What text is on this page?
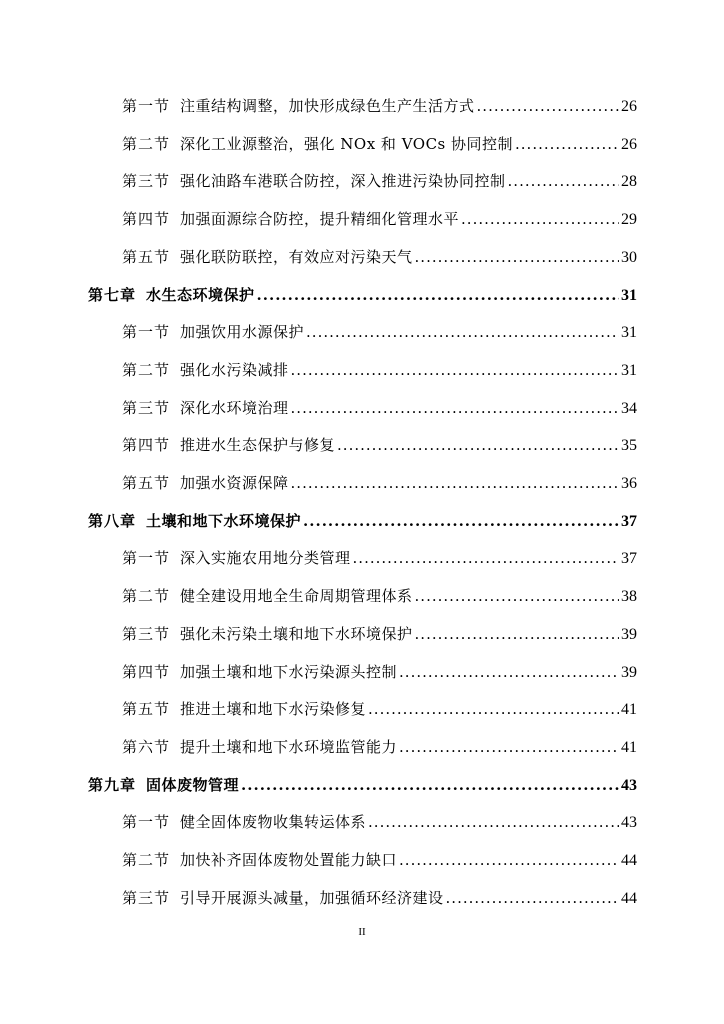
第一节 注重结构调整，加快形成绿色生产生活方式 .....	26
第二节 深化工业源整治，强化 NOx 和 VOCs 协同控制 .....	26
第三节 强化油路车港联合防控，深入推进污染协同控制 .....	28
第四节 加强面源综合防控，提升精细化管理水平 .....	29
第五节 强化联防联控，有效应对污染天气 .....	30
第七章 水生态环境保护 .....	31
第一节 加强饮用水源保护 .....	31
第二节 强化水污染减排 .....	31
第三节 深化水环境治理 .....	34
第四节 推进水生态保护与修复 .....	35
第五节 加强水资源保障 .....	36
第八章 土壤和地下水环境保护 .....	37
第一节 深入实施农用地分类管理 .....	37
第二节 健全建设用地全生命周期管理体系 .....	38
第三节 强化未污染土壤和地下水环境保护 .....	39
第四节 加强土壤和地下水污染源头控制 .....	39
第五节 推进土壤和地下水污染修复 .....	41
第六节 提升土壤和地下水环境监管能力 .....	41
第九章 固体废物管理 .....	43
第一节 健全固体废物收集转运体系 .....	43
第二节 加快补齐固体废物处置能力缺口 .....	44
第三节 引导开展源头减量，加强循环经济建设 .....	44
II
